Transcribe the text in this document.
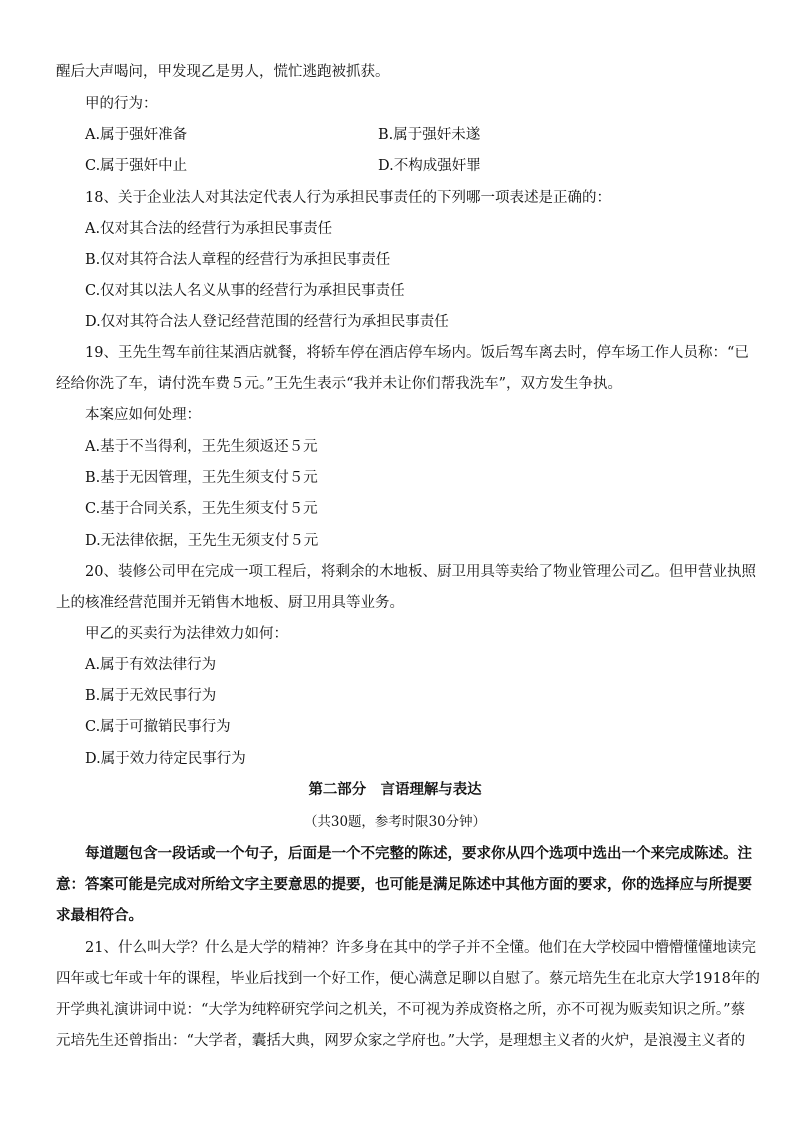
醒后大声喝问，甲发现乙是男人，慌忙逃跑被抓获。
甲的行为：
A.属于强奸准备	B.属于强奸未遂
C.属于强奸中止	D.不构成强奸罪
18、关于企业法人对其法定代表人行为承担民事责任的下列哪一项表述是正确的：
A.仅对其合法的经营行为承担民事责任
B.仅对其符合法人章程的经营行为承担民事责任
C.仅对其以法人名义从事的经营行为承担民事责任
D.仅对其符合法人登记经营范围的经营行为承担民事责任
19、王先生驾车前往某酒店就餐，将轿车停在酒店停车场内。饭后驾车离去时，停车场工作人员称：“已
经给你洗了车，请付洗车费５元。”王先生表示“我并未让你们帮我洗车”，双方发生争执。
本案应如何处理：
A.基于不当得利，王先生须返还５元
B.基于无因管理，王先生须支付５元
C.基于合同关系，王先生须支付５元
D.无法律依据，王先生无须支付５元
20、装修公司甲在完成一项工程后，将剩余的木地板、厨卫用具等卖给了物业管理公司乙。但甲营业执照
上的核准经营范围并无销售木地板、厨卫用具等业务。
甲乙的买卖行为法律效力如何：
A.属于有效法律行为
B.属于无效民事行为
C.属于可撤销民事行为
D.属于效力待定民事行为
第二部分　言语理解与表达
（共30题，参考时限30分钟）
每道题包含一段话或一个句子，后面是一个不完整的陈述，要求你从四个选项中选出一个来完成陈述。注
意：答案可能是完成对所给文字主要意思的提要，也可能是满足陈述中其他方面的要求，你的选择应与所提要
求最相符合。
21、什么叫大学？什么是大学的精神？许多身在其中的学子并不全懂。他们在大学校园中懵懵懂懂地读完
四年或七年或十年的课程，毕业后找到一个好工作，便心满意足聊以自慰了。蔡元培先生在北京大学1918年的
开学典礼演讲词中说：“大学为纯粹研究学问之机关，不可视为养成资格之所，亦不可视为贩卖知识之所。”蔡
元培先生还曾指出：“大学者，囊括大典，网罗众家之学府也。”大学，是理想主义者的火炉，是浪漫主义者的
